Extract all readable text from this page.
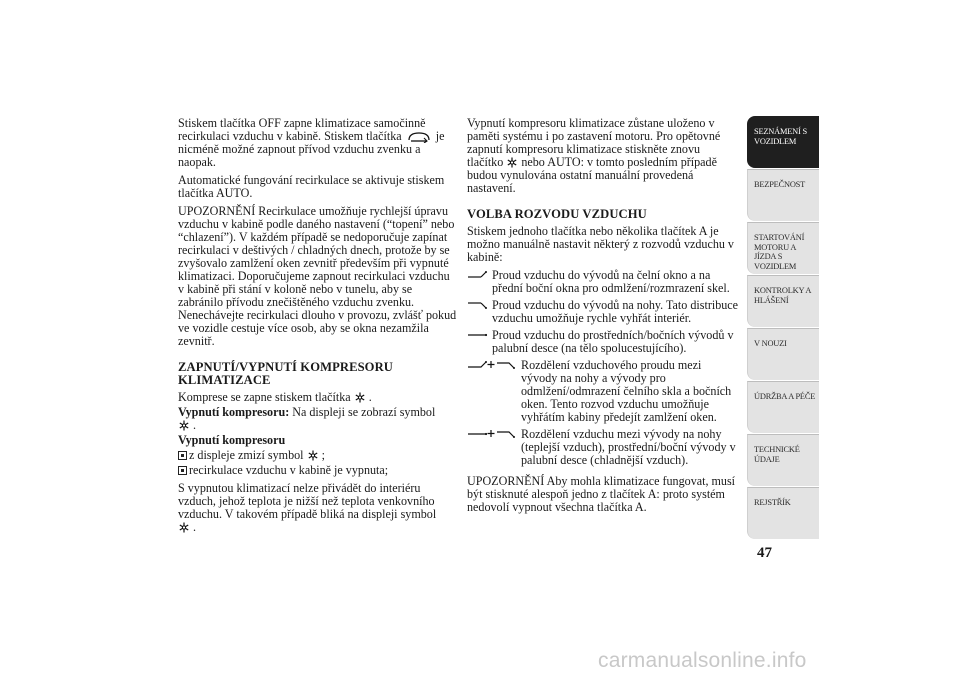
Stiskem tlačítka OFF zapne klimatizace samočinně recirkulaci vzduchu v kabině. Stiskem tlačítka	je nicméně možné zapnout přívod vzduchu zvenku a naopak.

Automatické fungování recirkulace se aktivuje stiskem tlačítka AUTO.

UPOZORNĚNÍ Recirkulace umožňuje rychlejší úpravu vzduchu v kabině podle daného nastavení (“topení” nebo “chlazení”). V každém případě se nedoporučuje zapínat recirkulaci v deštivých / chladných dnech, protože by se zvyšovalo zamlžení oken zevnitř především při vypnuté klimatizaci. Doporučujeme zapnout recirkulaci vzduchu v kabině při stání v koloně nebo v tunelu, aby se zabránilo přívodu znečištěného vzduchu zvenku. Nenechávejte recirkulaci dlouho v provozu, zvlášť pokud ve vozidle cestuje více osob, aby se okna nezamžila zevnitř.

ZAPNUTÍ/VYPNUTÍ KOMPRESORU KLIMATIZACE

Komprese se zapne stiskem tlačítka .

Vypnutí kompresoru: Na displeji se zobrazí symbol
.

Vypnutí kompresoru

z displeje zmizí symbol ;

recirkulace vzduchu v kabině je vypnuta;

S vypnutou klimatizací nelze přivádět do interiéru vzduch, jehož teplota je nižší než teplota venkovního vzduchu. V takovém případě bliká na displeji symbol
.

Vypnutí kompresoru klimatizace zůstane uloženo v paměti systému i po zastavení motoru. Pro opětovné zapnutí kompresoru klimatizace stiskněte znovu tlačítko nebo AUTO: v tomto posledním případě budou vynulována ostatní manuální provedená nastavení.

VOLBA ROZVODU VZDUCHU

Stiskem jednoho tlačítka nebo několika tlačítek A je možno manuálně nastavit některý z rozvodů vzduchu v kabině:

Proud vzduchu do vývodů na čelní okno a na přední boční okna pro odmlžení/rozmrazení skel.
Proud vzduchu do vývodů na nohy. Tato distribuce vzduchu umožňuje rychle vyhřát interiér.
Proud vzduchu do prostředních/bočních vývodů v palubní desce (na tělo spolucestujícího).
Rozdělení vzduchového proudu mezi vývody na nohy a vývody pro odmlžení/odmrazení čelního skla a bočních oken. Tento rozvod vzduchu umožňuje vyhřátím kabiny předejít zamlžení oken.
Rozdělení vzduchu mezi vývody na nohy (teplejší vzduch), prostřední/boční vývody v palubní desce (chladnější vzduch).

UPOZORNĚNÍ Aby mohla klimatizace fungovat, musí být stisknuté alespoň jedno z tlačítek A: proto systém nedovolí vypnout všechna tlačítka A.

SEZNÁMENÍ S VOZIDLEM
BEZPEČNOST
STARTOVÁNÍ MOTORU A JÍZDA S VOZIDLEM
KONTROLKY A HLÁŠENÍ
V NOUZI
ÚDRŽBA A PÉČE
TECHNICKÉ ÚDAJE
REJSTŘÍK
47
carmanualsonline.info
